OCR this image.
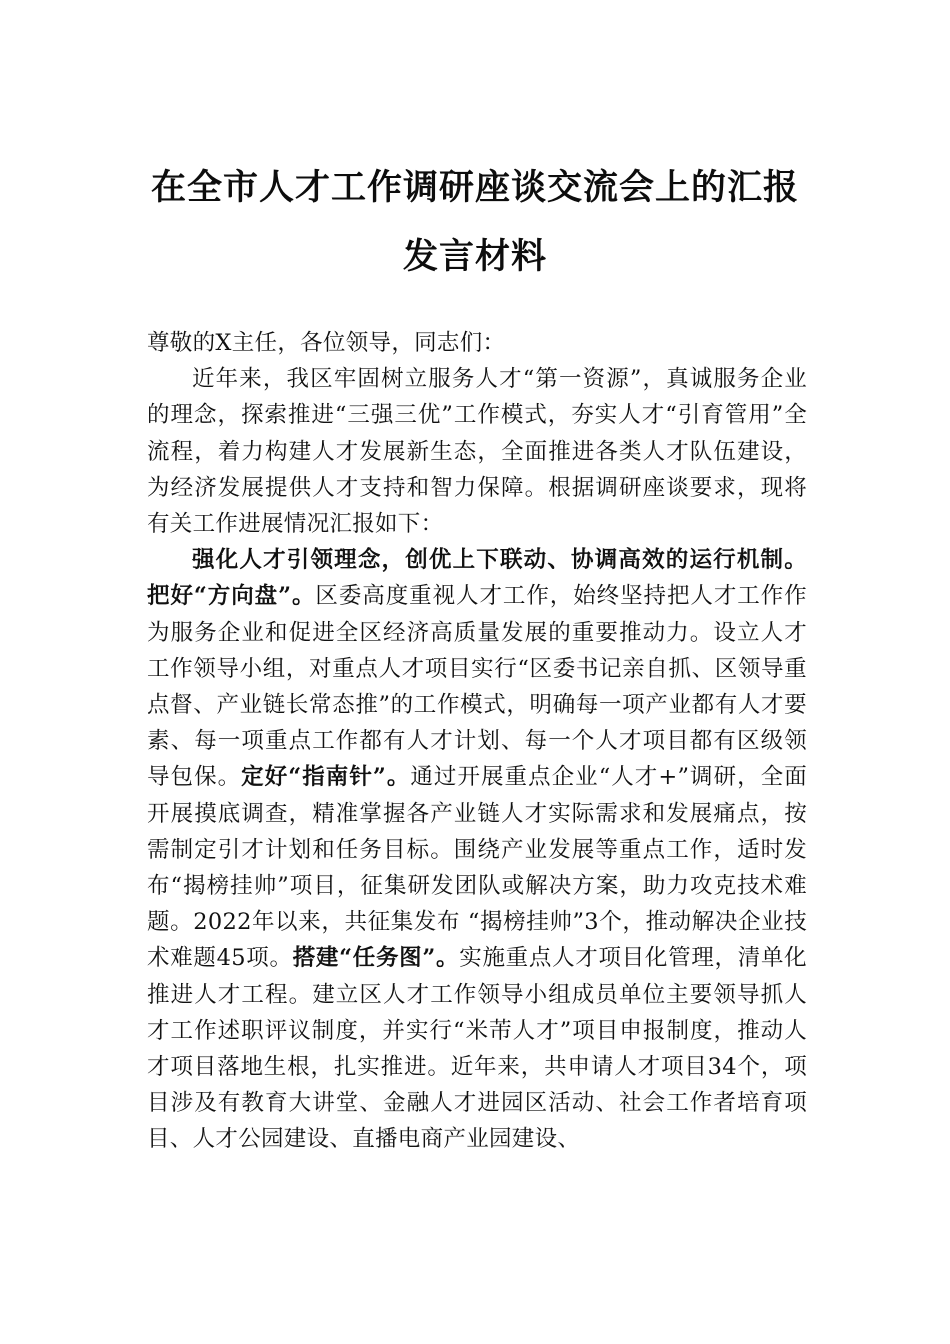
在全市人才工作调研座谈交流会上的汇报
发言材料

尊敬的X主任，各位领导，同志们：

近年来，我区牢固树立服务人才“第一资源”，真诚服务企业的理念，探索推进“三强三优”工作模式，夯实人才“引育管用”全流程，着力构建人才发展新生态，全面推进各类人才队伍建设，为经济发展提供人才支持和智力保障。根据调研座谈要求，现将有关工作进展情况汇报如下：

强化人才引领理念，创优上下联动、协调高效的运行机制。把好“方向盘”。区委高度重视人才工作，始终坚持把人才工作作为服务企业和促进全区经济高质量发展的重要推动力。设立人才工作领导小组，对重点人才项目实行“区委书记亲自抓、区领导重点督、产业链长常态推”的工作模式，明确每一项产业都有人才要素、每一项重点工作都有人才计划、每一个人才项目都有区级领导包保。定好“指南针”。通过开展重点企业“人才+”调研，全面开展摸底调查，精准掌握各产业链人才实际需求和发展痛点，按需制定引才计划和任务目标。围绕产业发展等重点工作，适时发布“揭榜挂帅”项目，征集研发团队或解决方案，助力攻克技术难题。2022年以来，共征集发布 “揭榜挂帅”3个，推动解决企业技术难题45项。搭建“任务图”。实施重点人才项目化管理，清单化推进人才工程。建立区人才工作领导小组成员单位主要领导抓人才工作述职评议制度，并实行“米芾人才”项目申报制度，推动人才项目落地生根，扎实推进。近年来，共申请人才项目34个，项目涉及有教育大讲堂、金融人才进园区活动、社会工作者培育项目、人才公园建设、直播电商产业园建设、
